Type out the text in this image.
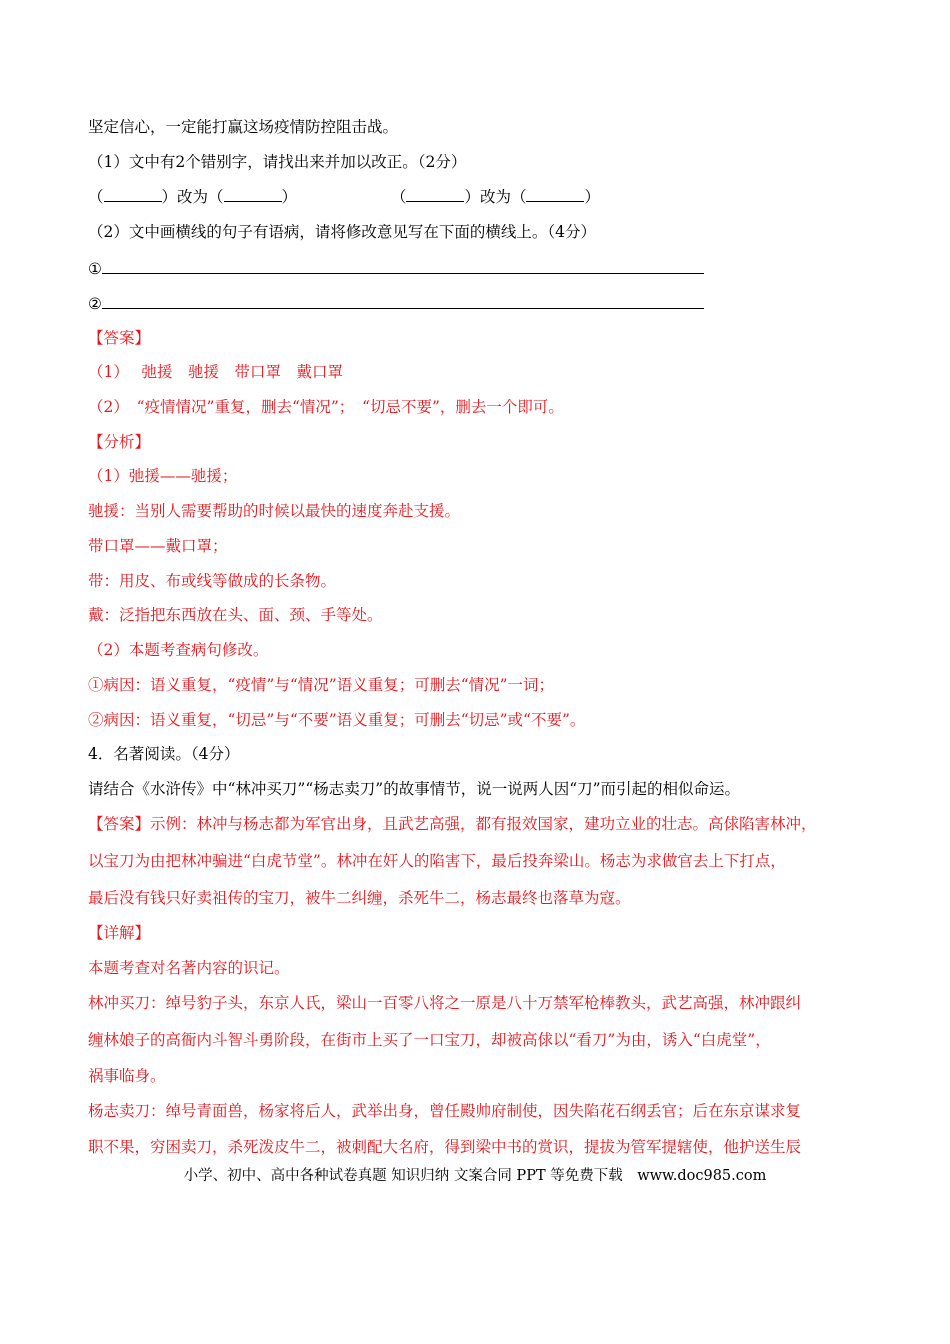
坚定信心，一定能打赢这场疫情防控阻击战。
（1）文中有2个错别字，请找出来并加以改正。（2分）
（	）改为（	）	（	）改为（	）
（2）文中画横线的句子有语病，请将修改意见写在下面的横线上。（4分）
①
②
【答案】
（1）　 弛援　驰援　带口罩　戴口罩
（2）　“疫情情况”重复，删去“情况”；　“切忌不要”，删去一个即可。
【分析】
（1）弛援——驰援；
驰援：当别人需要帮助的时候以最快的速度奔赴支援。
带口罩——戴口罩；
带：用皮、布或线等做成的长条物。
戴：泛指把东西放在头、面、颈、手等处。
（2）本题考查病句修改。
①病因：语义重复，“疫情”与“情况”语义重复；可删去“情况”一词；
②病因：语义重复，“切忌”与“不要”语义重复；可删去“切忌”或“不要”。
4．名著阅读。（4分）
请结合《水浒传》中“林冲买刀”“杨志卖刀”的故事情节，说一说两人因“刀”而引起的相似命运。
【答案】示例：林冲与杨志都为军官出身，且武艺高强，都有报效国家，建功立业的壮志。高俅陷害林冲，
以宝刀为由把林冲骗进“白虎节堂”。林冲在奸人的陷害下，最后投奔梁山。杨志为求做官去上下打点，
最后没有钱只好卖祖传的宝刀，被牛二纠缠，杀死牛二，杨志最终也落草为寇。
【详解】
本题考查对名著内容的识记。
林冲买刀：绰号豹子头，东京人氏，梁山一百零八将之一原是八十万禁军枪棒教头，武艺高强，林冲跟纠
缠林娘子的高衙内斗智斗勇阶段，在街市上买了一口宝刀，却被高俅以“看刀”为由，诱入“白虎堂”，
祸事临身。
杨志卖刀：绰号青面兽，杨家将后人，武举出身，曾任殿帅府制使，因失陷花石纲丢官；后在东京谋求复
职不果，穷困卖刀，杀死泼皮牛二，被刺配大名府，得到梁中书的赏识，提拔为管军提辖使，他护送生辰
小学、初中、高中各种试卷真题 知识归纳 文案合同 PPT 等免费下载　www.doc985.com
